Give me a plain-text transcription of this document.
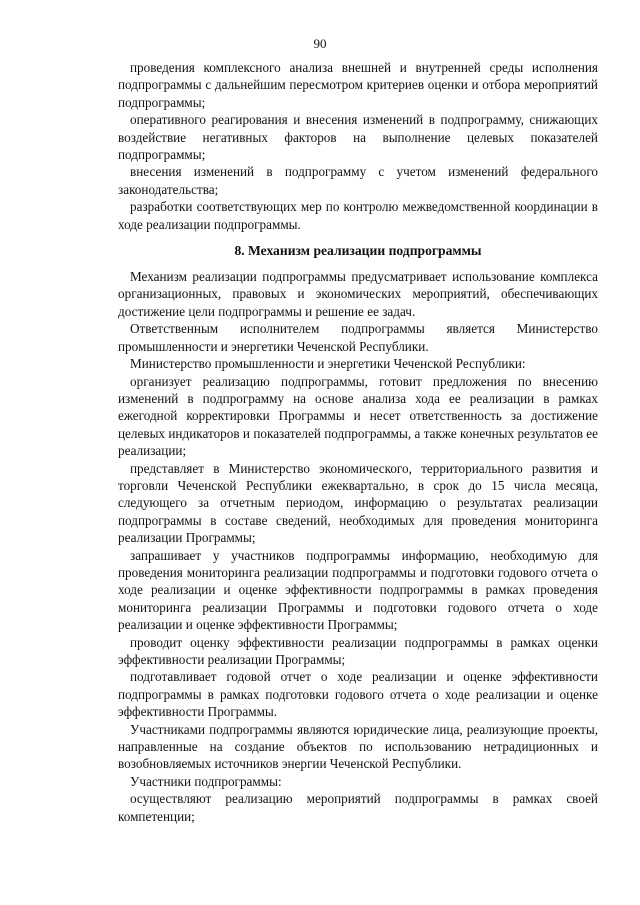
90

проведения комплексного анализа внешней и внутренней среды исполнения подпрограммы с дальнейшим пересмотром критериев оценки и отбора мероприятий подпрограммы;

оперативного реагирования и внесения изменений в подпрограмму, снижающих воздействие негативных факторов на выполнение целевых показателей подпрограммы;

внесения изменений в подпрограмму с учетом изменений федерального законодательства;

разработки соответствующих мер по контролю межведомственной координации в ходе реализации подпрограммы.

8. Механизм реализации подпрограммы

Механизм реализации подпрограммы предусматривает использование комплекса организационных, правовых и экономических мероприятий, обеспечивающих достижение цели подпрограммы и решение ее задач.

Ответственным исполнителем подпрограммы является Министерство промышленности и энергетики Чеченской Республики.

Министерство промышленности и энергетики Чеченской Республики:

организует реализацию подпрограммы, готовит предложения по внесению изменений в подпрограмму на основе анализа хода ее реализации в рамках ежегодной корректировки Программы и несет ответственность за достижение целевых индикаторов и показателей подпрограммы, а также конечных результатов ее реализации;

представляет в Министерство экономического, территориального развития и торговли Чеченской Республики ежеквартально, в срок до 15 числа месяца, следующего за отчетным периодом, информацию о результатах реализации подпрограммы в составе сведений, необходимых для проведения мониторинга реализации Программы;

запрашивает у участников подпрограммы информацию, необходимую для проведения мониторинга реализации подпрограммы и подготовки годового отчета о ходе реализации и оценке эффективности подпрограммы в рамках проведения мониторинга реализации Программы и подготовки годового отчета о ходе реализации и оценке эффективности Программы;

проводит оценку эффективности реализации подпрограммы в рамках оценки эффективности реализации Программы;

подготавливает годовой отчет о ходе реализации и оценке эффективности подпрограммы в рамках подготовки годового отчета о ходе реализации и оценке эффективности Программы.

Участниками подпрограммы являются юридические лица, реализующие проекты, направленные на создание объектов по использованию нетрадиционных и возобновляемых источников энергии Чеченской Республики.

Участники подпрограммы:

осуществляют реализацию мероприятий подпрограммы в рамках своей компетенции;
